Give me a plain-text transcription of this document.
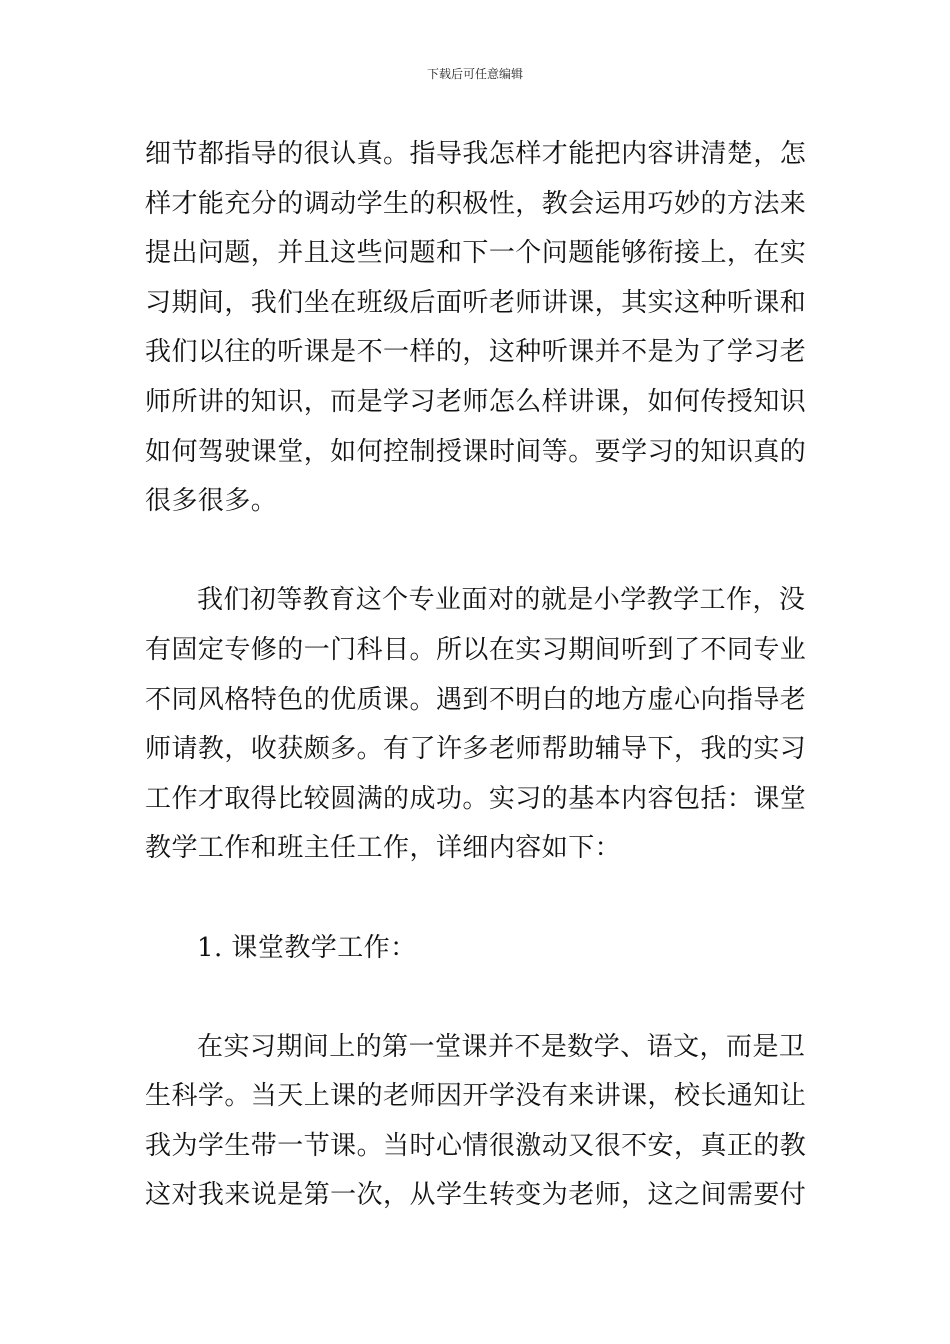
下载后可任意编辑
细节都指导的很认真。指导我怎样才能把内容讲清楚，怎
样才能充分的调动学生的积极性，教会运用巧妙的方法来
提出问题，并且这些问题和下一个问题能够衔接上，在实
习期间，我们坐在班级后面听老师讲课，其实这种听课和
我们以往的听课是不一样的，这种听课并不是为了学习老
师所讲的知识，而是学习老师怎么样讲课，如何传授知识
如何驾驶课堂，如何控制授课时间等。要学习的知识真的
很多很多。
我们初等教育这个专业面对的就是小学教学工作，没
有固定专修的一门科目。所以在实习期间听到了不同专业
不同风格特色的优质课。遇到不明白的地方虚心向指导老
师请教，收获颇多。有了许多老师帮助辅导下，我的实习
工作才取得比较圆满的成功。实习的基本内容包括：课堂
教学工作和班主任工作，详细内容如下：
1. 课堂教学工作：
在实习期间上的第一堂课并不是数学、语文，而是卫
生科学。当天上课的老师因开学没有来讲课，校长通知让
我为学生带一节课。当时心情很激动又很不安，真正的教
这对我来说是第一次，从学生转变为老师，这之间需要付
